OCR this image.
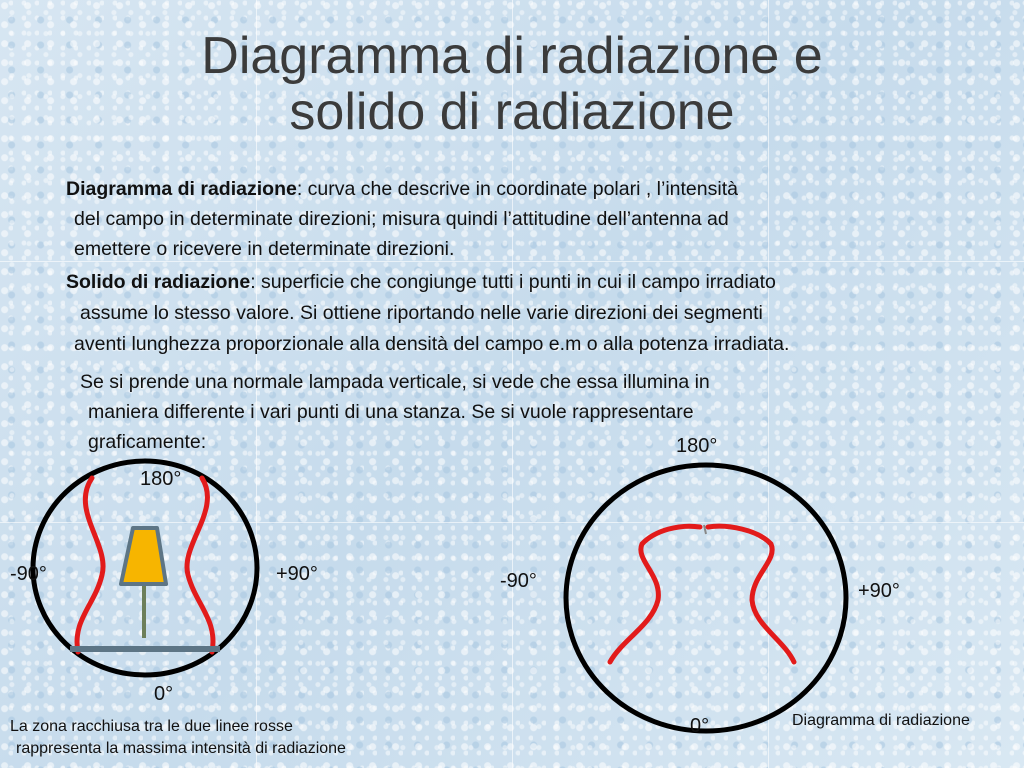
Diagramma di radiazione e
solido di radiazione
Diagramma di radiazione: curva che descrive in coordinate polari , l’intensità
del campo in determinate direzioni; misura quindi l’attitudine dell’antenna ad
emettere o ricevere in determinate direzioni.
Solido di radiazione: superficie che congiunge tutti i punti in cui il campo irradiato
assume lo stesso valore. Si ottiene riportando nelle varie direzioni dei segmenti
aventi lunghezza proporzionale alla densità del campo e.m o alla potenza irradiata.
Se si prende una normale lampada verticale, si vede che essa illumina in
maniera differente i vari punti di una stanza. Se si vuole rappresentare
graficamente:
180°
-90°	+90°
0°
La zona racchiusa tra le due linee rosse
rappresenta la massima intensità di radiazione
180°
-90°	+90°
0°	Diagramma di radiazione
